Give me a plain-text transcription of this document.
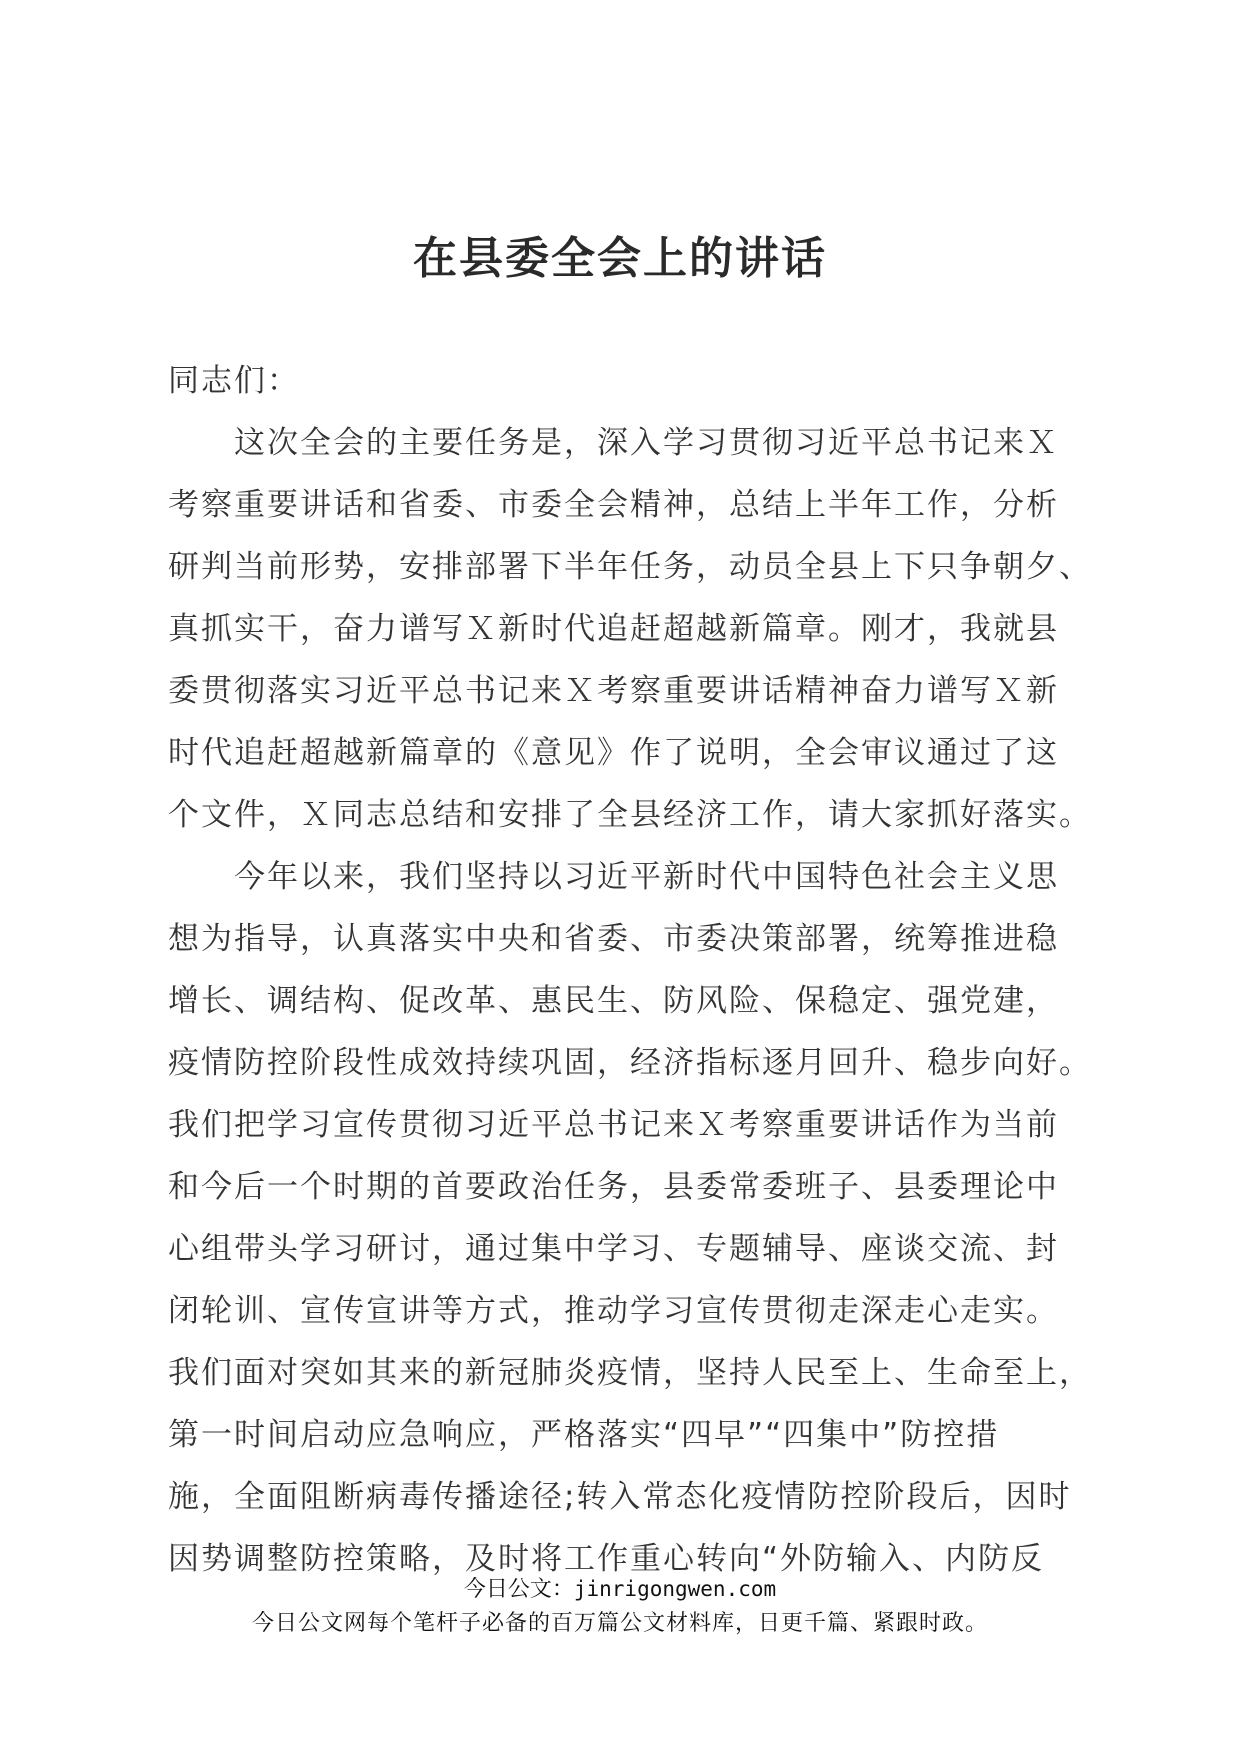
在县委全会上的讲话
同志们：
　　这次全会的主要任务是，深入学习贯彻习近平总书记来Ｘ
考察重要讲话和省委、市委全会精神，总结上半年工作，分析
研判当前形势，安排部署下半年任务，动员全县上下只争朝夕、
真抓实干，奋力谱写Ｘ新时代追赶超越新篇章。刚才，我就县
委贯彻落实习近平总书记来Ｘ考察重要讲话精神奋力谱写Ｘ新
时代追赶超越新篇章的《意见》作了说明，全会审议通过了这
个文件，Ｘ同志总结和安排了全县经济工作，请大家抓好落实。
　　今年以来，我们坚持以习近平新时代中国特色社会主义思
想为指导，认真落实中央和省委、市委决策部署，统筹推进稳
增长、调结构、促改革、惠民生、防风险、保稳定、强党建，
疫情防控阶段性成效持续巩固，经济指标逐月回升、稳步向好。
我们把学习宣传贯彻习近平总书记来Ｘ考察重要讲话作为当前
和今后一个时期的首要政治任务，县委常委班子、县委理论中
心组带头学习研讨，通过集中学习、专题辅导、座谈交流、封
闭轮训、宣传宣讲等方式，推动学习宣传贯彻走深走心走实。
我们面对突如其来的新冠肺炎疫情，坚持人民至上、生命至上，
第一时间启动应急响应，严格落实“四早”“四集中”防控措
施，全面阻断病毒传播途径;转入常态化疫情防控阶段后，因时
因势调整防控策略，及时将工作重心转向“外防输入、内防反
今日公文：jinrigongwen.com
今日公文网每个笔杆子必备的百万篇公文材料库，日更千篇、紧跟时政。
